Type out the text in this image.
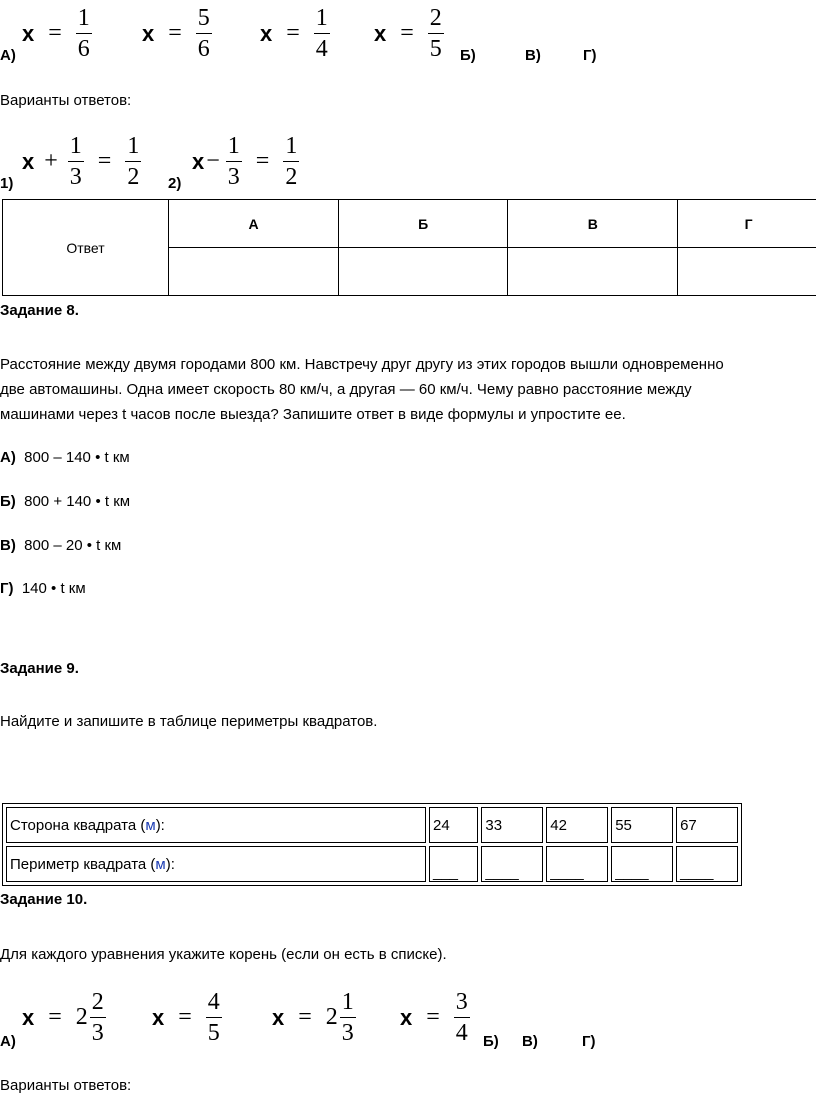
$x = \frac{1}{6}$ $x = \frac{5}{6}$ $x = \frac{1}{4}$ $x = \frac{2}{5}$
А)	Б)	В)	Г)
Варианты ответов:
$x + \frac{1}{3} = \frac{1}{2}$
1)
$x - \frac{1}{3} = \frac{1}{2}$
2)
Ответ	А	Б	В	Г

Задание 8.
Расстояние между двумя городами 800 км. Навстречу друг другу из этих городов вышли одновременно
две автомашины. Одна имеет скорость 80 км/ч, а другая — 60 км/ч. Чему равно расстояние между
машинами через t часов после выезда? Запишите ответ в виде формулы и упростите ее.
А) 800 – 140 • t км
Б) 800 + 140 • t км
В) 800 – 20 • t км
Г) 140 • t км
Задание 9.
Найдите и запишите в таблице периметры квадратов.
Сторона квадрата (м):	24	33	42	55	67
Периметр квадрата (м):	___	____	____	____	____
Задание 10.
Для каждого уравнения укажите корень (если он есть в списке).
$x = 2 \frac{2}{3}$ $x = \frac{4}{5}$ $x = 2 \frac{1}{3}$ $x = \frac{3}{4}$
А)	Б) В)	Г)
Варианты ответов:
